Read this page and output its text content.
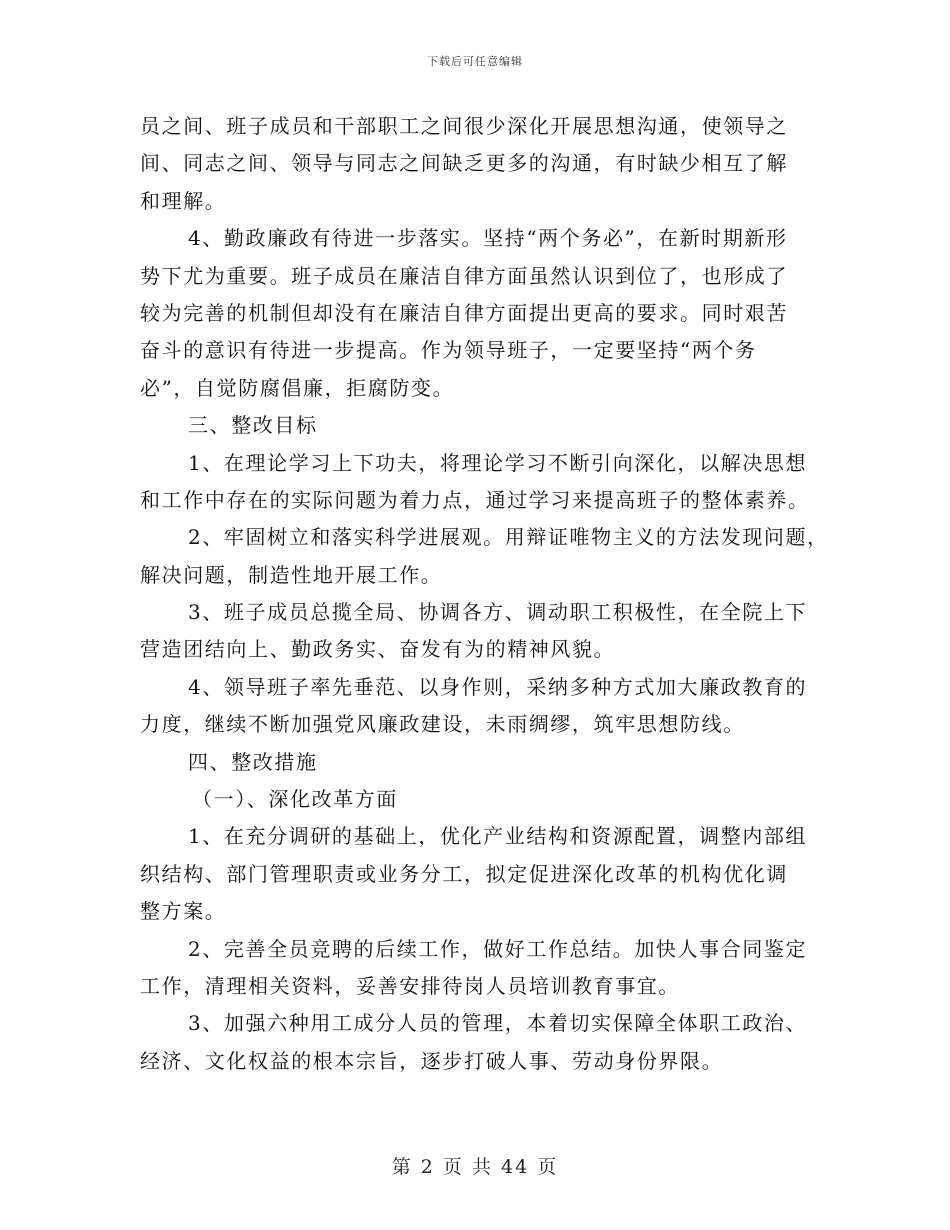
下载后可任意编辑
员之间、班子成员和干部职工之间很少深化开展思想沟通，使领导之
间、同志之间、领导与同志之间缺乏更多的沟通，有时缺少相互了解
和理解。
4、勤政廉政有待进一步落实。坚持“两个务必”，在新时期新形
势下尤为重要。班子成员在廉洁自律方面虽然认识到位了，也形成了
较为完善的机制但却没有在廉洁自律方面提出更高的要求。同时艰苦
奋斗的意识有待进一步提高。作为领导班子，一定要坚持“两个务
必”，自觉防腐倡廉，拒腐防变。
三、整改目标
1、在理论学习上下功夫，将理论学习不断引向深化，以解决思想
和工作中存在的实际问题为着力点，通过学习来提高班子的整体素养。
2、牢固树立和落实科学进展观。用辩证唯物主义的方法发现问题，
解决问题，制造性地开展工作。
3、班子成员总揽全局、协调各方、调动职工积极性，在全院上下
营造团结向上、勤政务实、奋发有为的精神风貌。
4、领导班子率先垂范、以身作则，采纳多种方式加大廉政教育的
力度，继续不断加强党风廉政建设，未雨绸缪，筑牢思想防线。
四、整改措施
（一）、深化改革方面
1、在充分调研的基础上，优化产业结构和资源配置，调整内部组
织结构、部门管理职责或业务分工，拟定促进深化改革的机构优化调
整方案。
2、完善全员竞聘的后续工作，做好工作总结。加快人事合同鉴定
工作，清理相关资料，妥善安排待岗人员培训教育事宜。
3、加强六种用工成分人员的管理，本着切实保障全体职工政治、
经济、文化权益的根本宗旨，逐步打破人事、劳动身份界限。
第 2 页 共 44 页
